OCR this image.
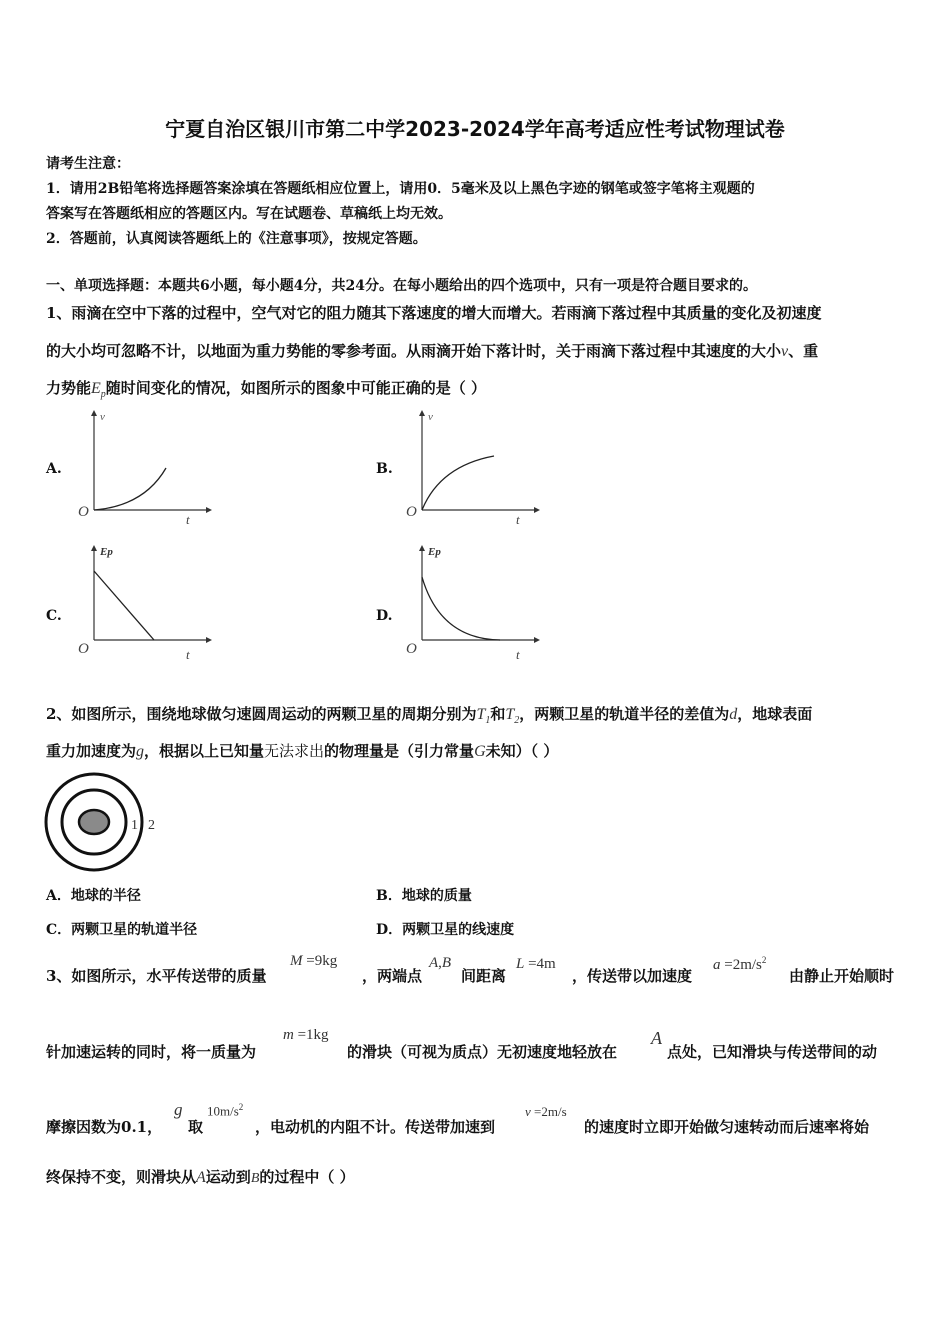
宁夏自治区银川市第二中学2023-2024学年高考适应性考试物理试卷
请考生注意：
1．请用2B铅笔将选择题答案涂填在答题纸相应位置上，请用0．5毫米及以上黑色字迹的钢笔或签字笔将主观题的
答案写在答题纸相应的答题区内。写在试题卷、草稿纸上均无效。
2．答题前，认真阅读答题纸上的《注意事项》，按规定答题。
一、单项选择题：本题共6小题，每小题4分，共24分。在每小题给出的四个选项中，只有一项是符合题目要求的。
1、雨滴在空中下落的过程中，空气对它的阻力随其下落速度的增大而增大。若雨滴下落过程中其质量的变化及初速度
的大小均可忽略不计，以地面为重力势能的零参考面。从雨滴开始下落计时，关于雨滴下落过程中其速度的大小v、重
力势能$E_p$随时间变化的情况，如图所示的图象中可能正确的是（ ）
A.
v
O	t
B.
v
O	t
C.
Ep
O	t
D.
Ep
O	t
2、如图所示，围绕地球做匀速圆周运动的两颗卫星的周期分别为$T_1$和$T_2$，两颗卫星的轨道半径的差值为d，地球表面
重力加速度为g，根据以上已知量无法求出的物理量是（引力常量G未知）（ ）
1 2
A．地球的半径	B．地球的质量
C．两颗卫星的轨道半径	D．两颗卫星的线速度
3、如图所示，水平传送带的质量
M =9kg
，两端点
A,B
间距离
L =4m
，传送带以加速度
$a =2m/s^2$
由静止开始顺时
针加速运转的同时，将一质量为
m =1kg
的滑块（可视为质点）无初速度地轻放在
A
点处，已知滑块与传送带间的动
摩擦因数为0.1，
g
取
$10m/s^2$
，电动机的内阻不计。传送带加速到
v =2m/s
的速度时立即开始做匀速转动而后速率将始
终保持不变，则滑块从A运动到B的过程中（ ）
